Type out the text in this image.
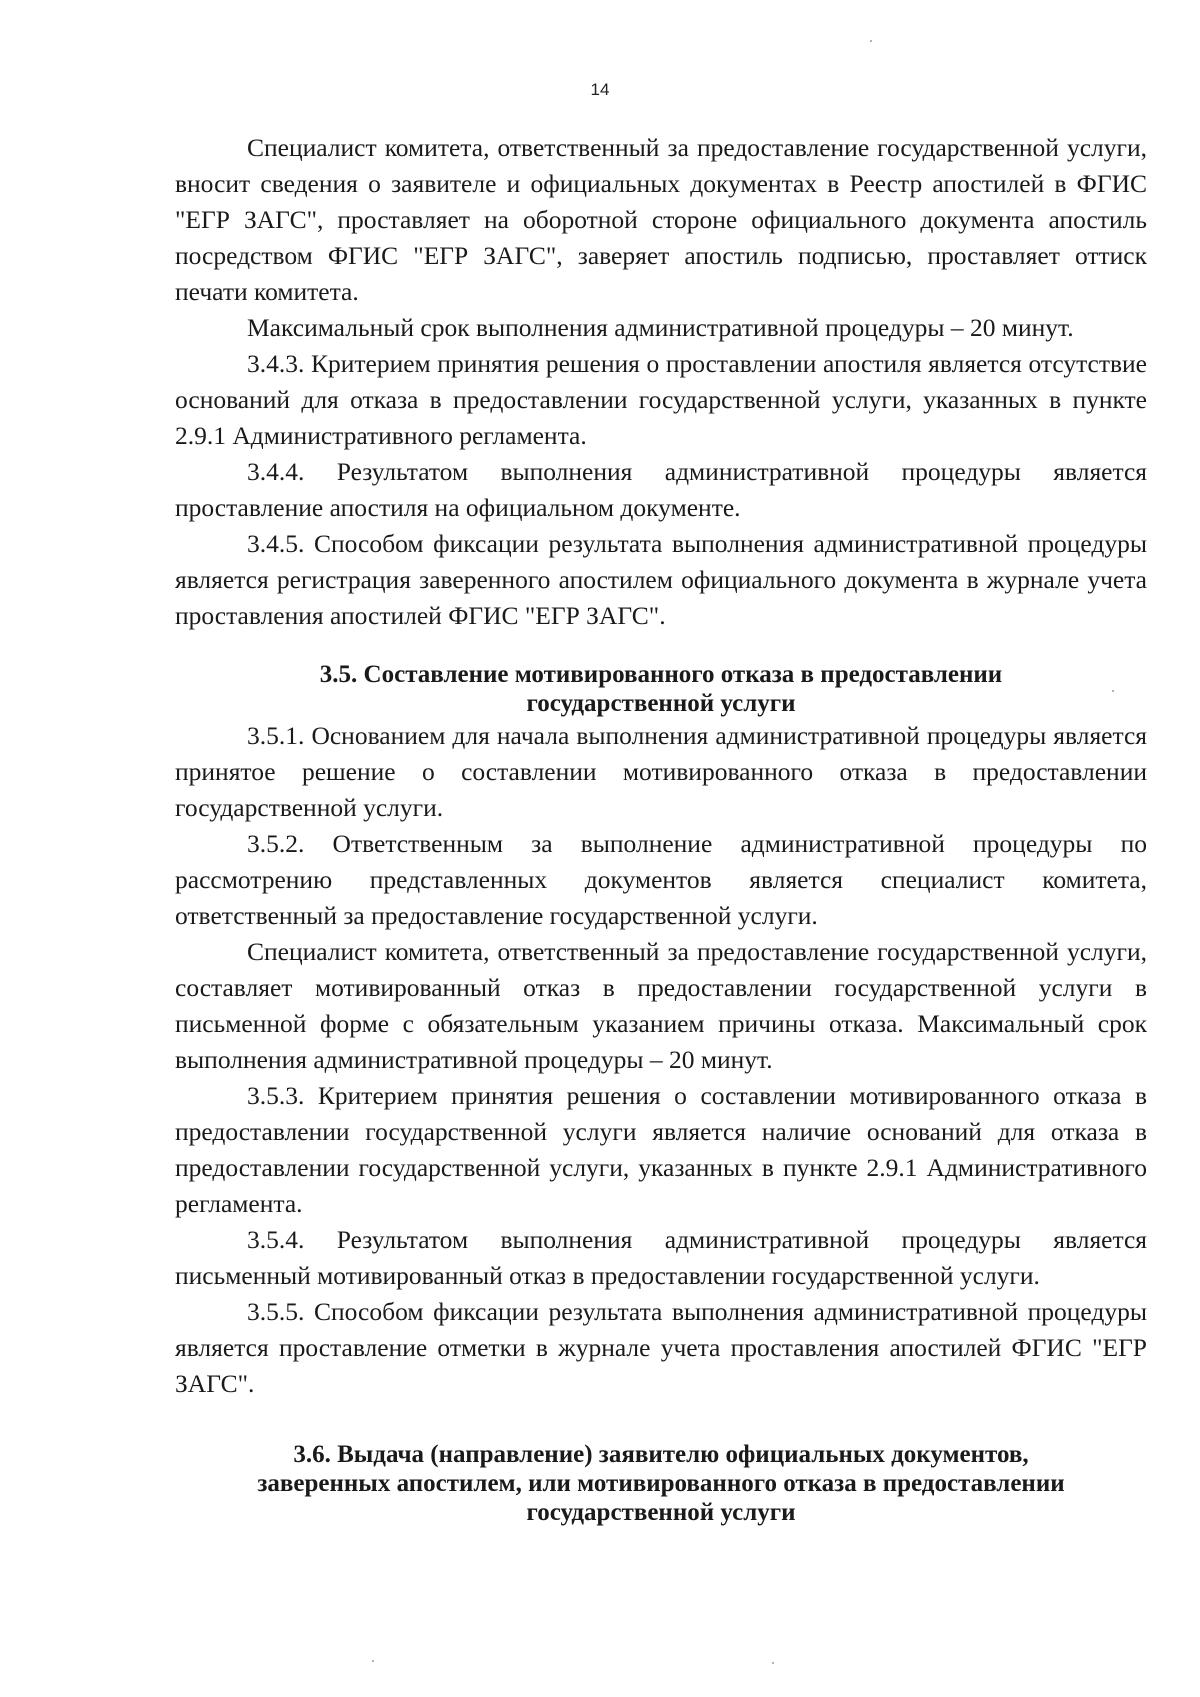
14

Специалист комитета, ответственный за предоставление государственной услуги, вносит сведения о заявителе и официальных документах в Реестр апостилей в ФГИС "ЕГР ЗАГС", проставляет на оборотной стороне официального документа апостиль посредством ФГИС "ЕГР ЗАГС", заверяет апостиль подписью, проставляет оттиск печати комитета.

Максимальный срок выполнения административной процедуры – 20 минут.

3.4.3. Критерием принятия решения о проставлении апостиля является отсутствие оснований для отказа в предоставлении государственной услуги, указанных в пункте 2.9.1 Административного регламента.

3.4.4. Результатом выполнения административной процедуры является проставление апостиля на официальном документе.

3.4.5. Способом фиксации результата выполнения административной процедуры является регистрация заверенного апостилем официального документа в журнале учета проставления апостилей ФГИС "ЕГР ЗАГС".

3.5. Составление мотивированного отказа в предоставлении
государственной услуги

3.5.1. Основанием для начала выполнения административной процедуры является принятое решение о составлении мотивированного отказа в предоставлении государственной услуги.

3.5.2. Ответственным за выполнение административной процедуры по рассмотрению представленных документов является специалист комитета, ответственный за предоставление государственной услуги.

Специалист комитета, ответственный за предоставление государственной услуги, составляет мотивированный отказ в предоставлении государственной услуги в письменной форме с обязательным указанием причины отказа. Максимальный срок выполнения административной процедуры – 20 минут.

3.5.3. Критерием принятия решения о составлении мотивированного отказа в предоставлении государственной услуги является наличие оснований для отказа в предоставлении государственной услуги, указанных в пункте 2.9.1 Административного регламента.

3.5.4. Результатом выполнения административной процедуры является письменный мотивированный отказ в предоставлении государственной услуги.

3.5.5. Способом фиксации результата выполнения административной процедуры является проставление отметки в журнале учета проставления апостилей ФГИС "ЕГР ЗАГС".

3.6. Выдача (направление) заявителю официальных документов,
заверенных апостилем, или мотивированного отказа в предоставлении
государственной услуги
